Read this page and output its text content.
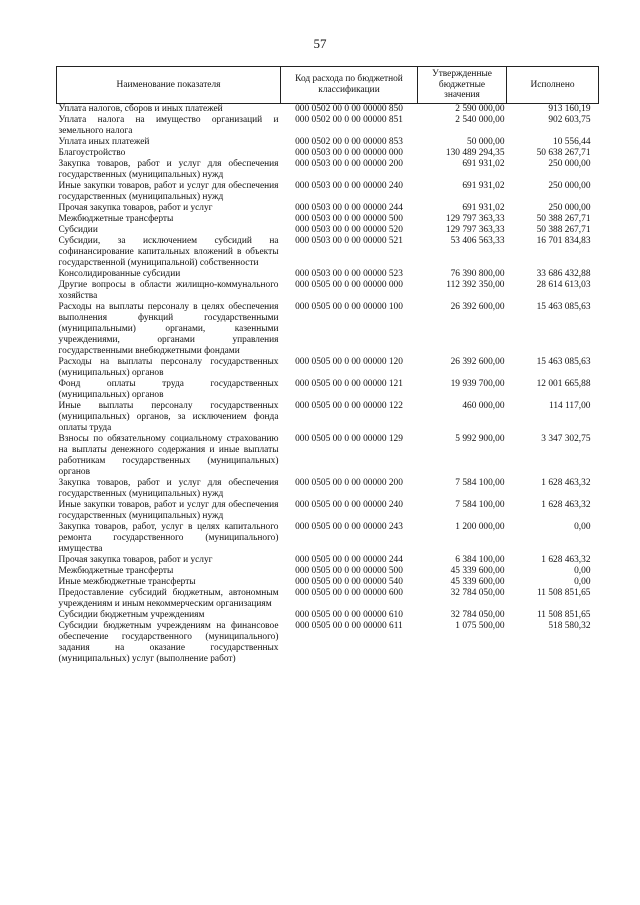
57
Наименование показателя	Код расхода по бюджетной классификации	Утвержденные бюджетные значения	Исполнено
Уплата налогов, сборов и иных платежей	000 0502 00 0 00 00000 850	2 590 000,00	913 160,19
Уплата налога на имущество организаций и земельного налога	000 0502 00 0 00 00000 851	2 540 000,00	902 603,75
Уплата иных платежей	000 0502 00 0 00 00000 853	50 000,00	10 556,44
Благоустройство	000 0503 00 0 00 00000 000	130 489 294,35	50 638 267,71
Закупка товаров, работ и услуг для обеспечения государственных (муниципальных) нужд	000 0503 00 0 00 00000 200	691 931,02	250 000,00
Иные закупки товаров, работ и услуг для обеспечения государственных (муниципальных) нужд	000 0503 00 0 00 00000 240	691 931,02	250 000,00
Прочая закупка товаров, работ и услуг	000 0503 00 0 00 00000 244	691 931,02	250 000,00
Межбюджетные трансферты	000 0503 00 0 00 00000 500	129 797 363,33	50 388 267,71
Субсидии	000 0503 00 0 00 00000 520	129 797 363,33	50 388 267,71
Субсидии, за исключением субсидий на софинансирование капитальных вложений в объекты государственной (муниципальной) собственности	000 0503 00 0 00 00000 521	53 406 563,33	16 701 834,83
Консолидированные субсидии	000 0503 00 0 00 00000 523	76 390 800,00	33 686 432,88
Другие вопросы в области жилищно-коммунального хозяйства	000 0505 00 0 00 00000 000	112 392 350,00	28 614 613,03
Расходы на выплаты персоналу в целях обеспечения выполнения функций государственными (муниципальными) органами, казенными учреждениями, органами управления государственными внебюджетными фондами	000 0505 00 0 00 00000 100	26 392 600,00	15 463 085,63
Расходы на выплаты персоналу государственных (муниципальных) органов	000 0505 00 0 00 00000 120	26 392 600,00	15 463 085,63
Фонд оплаты труда государственных (муниципальных) органов	000 0505 00 0 00 00000 121	19 939 700,00	12 001 665,88
Иные выплаты персоналу государственных (муниципальных) органов, за исключением фонда оплаты труда	000 0505 00 0 00 00000 122	460 000,00	114 117,00
Взносы по обязательному социальному страхованию на выплаты денежного содержания и иные выплаты работникам государственных (муниципальных) органов	000 0505 00 0 00 00000 129	5 992 900,00	3 347 302,75
Закупка товаров, работ и услуг для обеспечения государственных (муниципальных) нужд	000 0505 00 0 00 00000 200	7 584 100,00	1 628 463,32
Иные закупки товаров, работ и услуг для обеспечения государственных (муниципальных) нужд	000 0505 00 0 00 00000 240	7 584 100,00	1 628 463,32
Закупка товаров, работ, услуг в целях капитального ремонта государственного (муниципального) имущества	000 0505 00 0 00 00000 243	1 200 000,00	0,00
Прочая закупка товаров, работ и услуг	000 0505 00 0 00 00000 244	6 384 100,00	1 628 463,32
Межбюджетные трансферты	000 0505 00 0 00 00000 500	45 339 600,00	0,00
Иные межбюджетные трансферты	000 0505 00 0 00 00000 540	45 339 600,00	0,00
Предоставление субсидий бюджетным, автономным учреждениям и иным некоммерческим организациям	000 0505 00 0 00 00000 600	32 784 050,00	11 508 851,65
Субсидии бюджетным учреждениям	000 0505 00 0 00 00000 610	32 784 050,00	11 508 851,65
Субсидии бюджетным учреждениям на финансовое обеспечение государственного (муниципального) задания на оказание государственных (муниципальных) услуг (выполнение работ)	000 0505 00 0 00 00000 611	1 075 500,00	518 580,32
